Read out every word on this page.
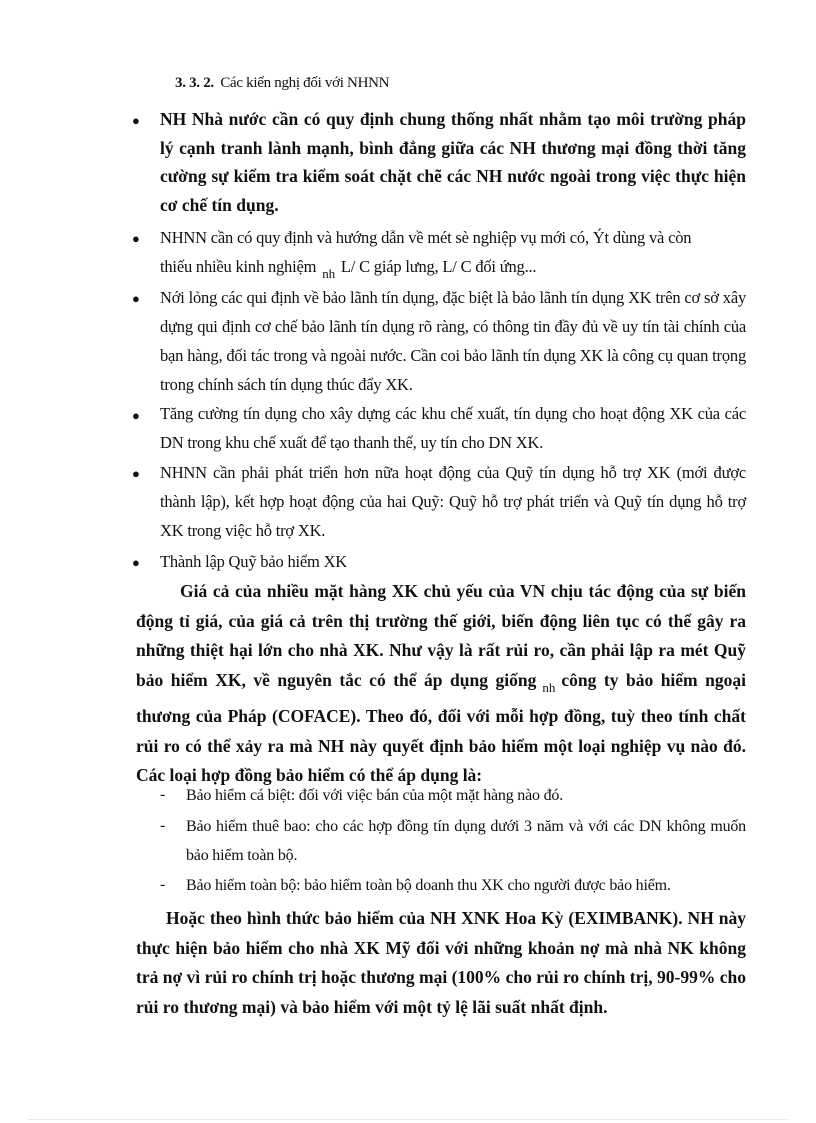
3. 3. 2. Các kiến nghị đối với NHNN
● NH Nhà nước cần có quy định chung thống nhất nhằm tạo môi trường pháp lý cạnh tranh lành mạnh, bình đẳng giữa các NH thương mại đồng thời tăng cường sự kiểm tra kiểm soát chặt chẽ các NH nước ngoài trong việc thực hiện cơ chế tín dụng.
● NHNN cần có quy định và hướng dẫn về mét sè nghiệp vụ mới có, Ýt dùng và còn
thiếu nhiều kinh nghiệm $_{nh}$ L/ C giáp lưng, L/ C đối ứng...
● Nới lỏng các qui định về bảo lãnh tín dụng, đặc biệt là bảo lãnh tín dụng XK trên cơ sở xây dựng qui định cơ chế bảo lãnh tín dụng rõ ràng, có thông tin đầy đủ về uy tín tài chính của bạn hàng, đối tác trong và ngoài nước. Cần coi bảo lãnh tín dụng XK là công cụ quan trọng trong chính sách tín dụng thúc đẩy XK.
● Tăng cường tín dụng cho xây dựng các khu chế xuất, tín dụng cho hoạt động XK của các DN trong khu chế xuất để tạo thanh thế, uy tín cho DN XK.
● NHNN cần phải phát triển hơn nữa hoạt động của Quỹ tín dụng hỗ trợ XK (mới được thành lập), kết hợp hoạt động của hai Quỹ: Quỹ hỗ trợ phát triển và Quỹ tín dụng hỗ trợ XK trong việc hỗ trợ XK.
● Thành lập Quỹ bảo hiểm XK
Giá cả của nhiều mặt hàng XK chủ yếu của VN chịu tác động của sự biến động tỉ giá, của giá cả trên thị trường thế giới, biến động liên tục có thể gây ra những thiệt hại lớn cho nhà XK. Như vậy là rất rủi ro, cần phải lập ra mét Quỹ bảo hiểm XK, về nguyên tắc có thể áp dụng giống $_{nh}$ công ty bảo hiểm ngoại thương của Pháp (COFACE). Theo đó, đối với mỗi hợp đồng, tuỳ theo tính chất rủi ro có thể xảy ra mà NH này quyết định bảo hiểm một loại nghiệp vụ nào đó. Các loại hợp đồng bảo hiểm có thể áp dụng là:
- Bảo hiểm cá biệt: đối với việc bán của một mặt hàng nào đó.
- Bảo hiểm thuê bao: cho các hợp đồng tín dụng dưới 3 năm và với các DN không muốn bảo hiểm toàn bộ.
- Bảo hiểm toàn bộ: bảo hiểm toàn bộ doanh thu XK cho người được bảo hiểm.
Hoặc theo hình thức bảo hiểm của NH XNK Hoa Kỳ (EXIMBANK). NH này thực hiện bảo hiểm cho nhà XK Mỹ đối với những khoản nợ mà nhà NK không trả nợ vì rủi ro chính trị hoặc thương mại (100% cho rủi ro chính trị, 90-99% cho rủi ro thương mại) và bảo hiểm với một tỷ lệ lãi suất nhất định.
